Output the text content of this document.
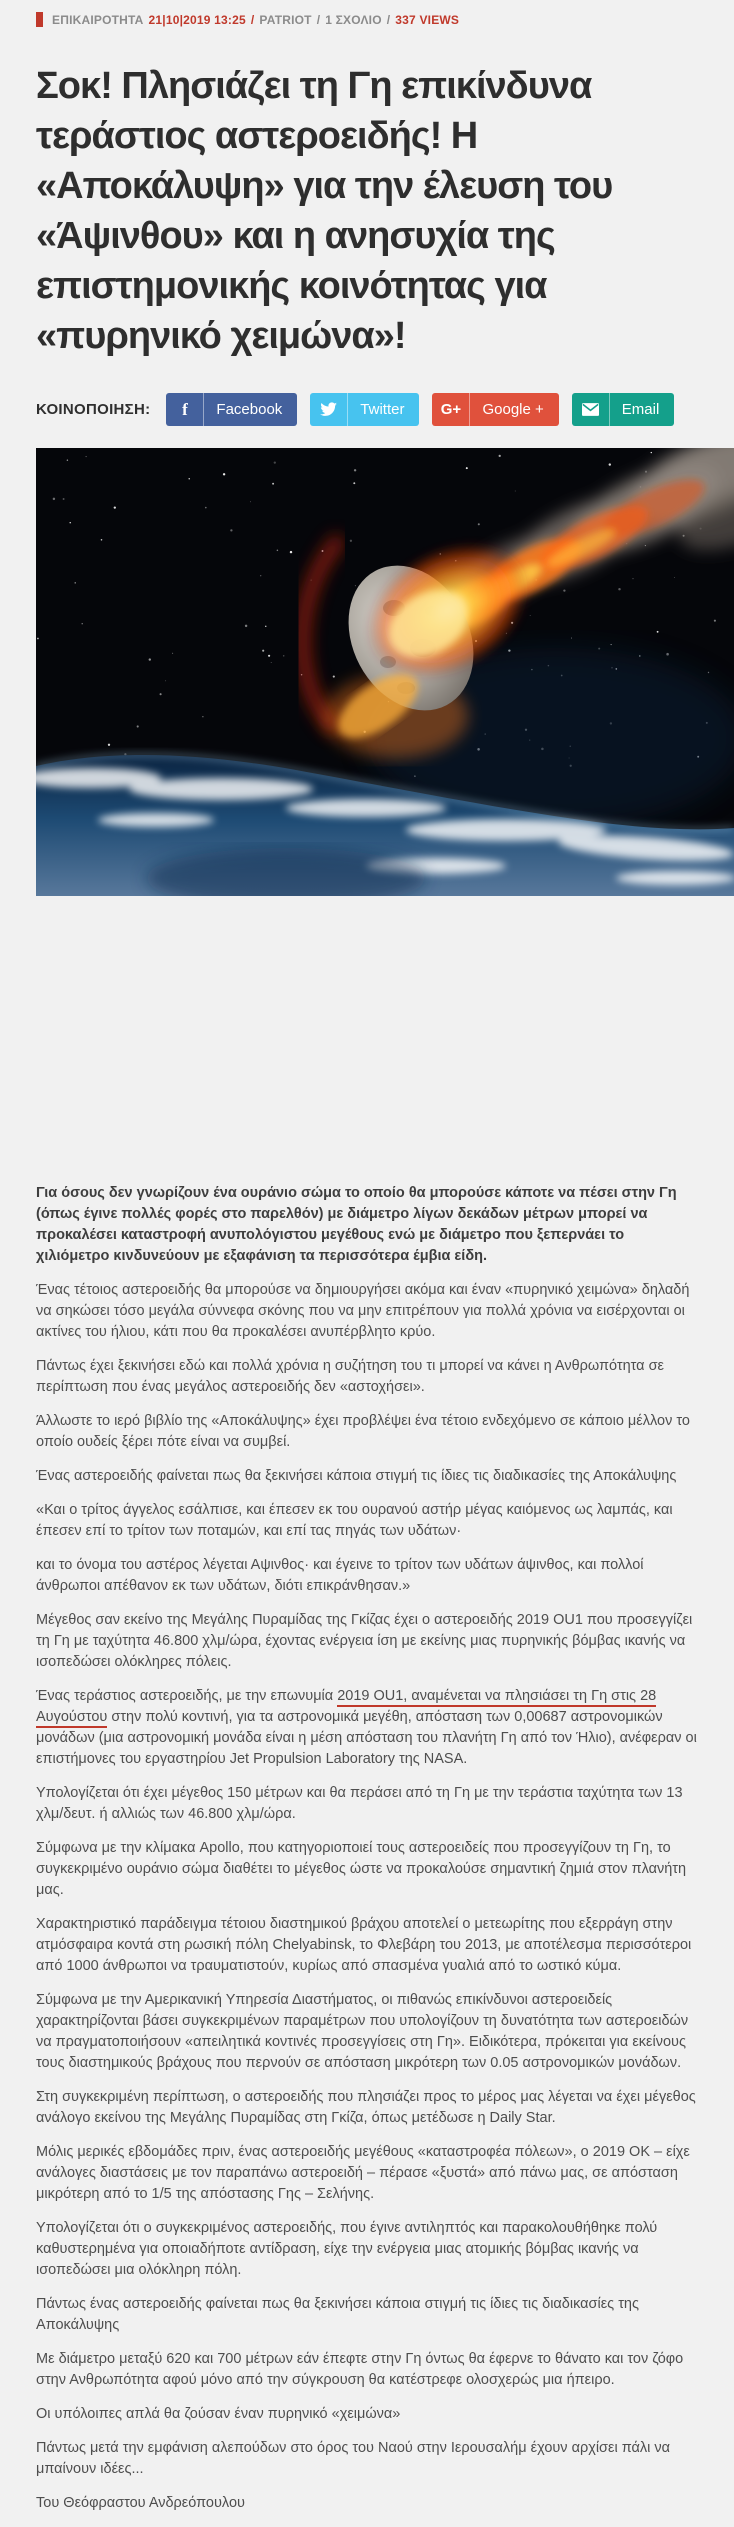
ΕΠΙΚΑΙΡΟΤΗΤΑ 21|10|2019 13:25 / PATRIOT / 1 ΣΧΟΛΙΟ / 337 VIEWS
Σοκ! Πλησιάζει τη Γη επικίνδυνα τεράστιος αστεροειδής! Η «Αποκάλυψη» για την έλευση του «Άψινθου» και η ανησυχία της επιστημονικής κοινότητας για «πυρηνικό χειμώνα»!
ΚΟΙΝΟΠΟΙΗΣΗ:	f	Facebook	Twitter	G+	Google +	Email

Για όσους δεν γνωρίζουν ένα ουράνιο σώμα το οποίο θα μπορούσε κάποτε να πέσει στην Γη (όπως έγινε πολλές φορές στο παρελθόν) με διάμετρο λίγων δεκάδων μέτρων μπορεί να προκαλέσει καταστροφή ανυπολόγιστου μεγέθους ενώ με διάμετρο που ξεπερνάει το χιλιόμετρο κινδυνεύουν με εξαφάνιση τα περισσότερα έμβια είδη.

Ένας τέτοιος αστεροειδής θα μπορούσε να δημιουργήσει ακόμα και έναν «πυρηνικό χειμώνα» δηλαδή να σηκώσει τόσο μεγάλα σύννεφα σκόνης που να μην επιτρέπουν για πολλά χρόνια να εισέρχονται οι ακτίνες του ήλιου, κάτι που θα προκαλέσει ανυπέρβλητο κρύο.

Πάντως έχει ξεκινήσει εδώ και πολλά χρόνια η συζήτηση του τι μπορεί να κάνει η Ανθρωπότητα σε περίπτωση που ένας μεγάλος αστεροειδής δεν «αστοχήσει».

Άλλωστε το ιερό βιβλίο της «Αποκάλυψης» έχει προβλέψει ένα τέτοιο ενδεχόμενο σε κάποιο μέλλον το οποίο ουδείς ξέρει πότε είναι να συμβεί.

Ένας αστεροειδής φαίνεται πως θα ξεκινήσει κάποια στιγμή τις ίδιες τις διαδικασίες της Αποκάλυψης

«Και ο τρίτος άγγελος εσάλπισε, και έπεσεν εκ του ουρανού αστήρ μέγας καιόμενος ως λαμπάς, και έπεσεν επί το τρίτον των ποταμών, και επί τας πηγάς των υδάτων·

και το όνομα του αστέρος λέγεται Αψινθος· και έγεινε το τρίτον των υδάτων άψινθος, και πολλοί άνθρωποι απέθανον εκ των υδάτων, διότι επικράνθησαν.»

Μέγεθος σαν εκείνο της Μεγάλης Πυραμίδας της Γκίζας έχει ο αστεροειδής 2019 OU1 που προσεγγίζει τη Γη με ταχύτητα 46.800 χλμ/ώρα, έχοντας ενέργεια ίση με εκείνης μιας πυρηνικής βόμβας ικανής να ισοπεδώσει ολόκληρες πόλεις.

Ένας τεράστιος αστεροειδής, με την επωνυμία 2019 OU1, αναμένεται να πλησιάσει τη Γη στις 28 Αυγούστου στην πολύ κοντινή, για τα αστρονομικά μεγέθη, απόσταση των 0,00687 αστρονομικών μονάδων (μια αστρονομική μονάδα είναι η μέση απόσταση του πλανήτη Γη από τον Ήλιο), ανέφεραν οι επιστήμονες του εργαστηρίου Jet Propulsion Laboratory της NASA.

Υπολογίζεται ότι έχει μέγεθος 150 μέτρων και θα περάσει από τη Γη με την τεράστια ταχύτητα των 13 χλμ/δευτ. ή αλλιώς των 46.800 χλμ/ώρα.

Σύμφωνα με την κλίμακα Apollo, που κατηγοριοποιεί τους αστεροειδείς που προσεγγίζουν τη Γη, το συγκεκριμένο ουράνιο σώμα διαθέτει το μέγεθος ώστε να προκαλούσε σημαντική ζημιά στον πλανήτη μας.

Χαρακτηριστικό παράδειγμα τέτοιου διαστημικού βράχου αποτελεί ο μετεωρίτης που εξερράγη στην ατμόσφαιρα κοντά στη ρωσική πόλη Chelyabinsk, το Φλεβάρη του 2013, με αποτέλεσμα περισσότεροι από 1000 άνθρωποι να τραυματιστούν, κυρίως από σπασμένα γυαλιά από το ωστικό κύμα.

Σύμφωνα με την Αμερικανική Υπηρεσία Διαστήματος, οι πιθανώς επικίνδυνοι αστεροειδείς χαρακτηρίζονται βάσει συγκεκριμένων παραμέτρων που υπολογίζουν τη δυνατότητα των αστεροειδών να πραγματοποιήσουν «απειλητικά κοντινές προσεγγίσεις στη Γη». Ειδικότερα, πρόκειται για εκείνους τους διαστημικούς βράχους που περνούν σε απόσταση μικρότερη των 0.05 αστρονομικών μονάδων.

Στη συγκεκριμένη περίπτωση, ο αστεροειδής που πλησιάζει προς το μέρος μας λέγεται να έχει μέγεθος ανάλογο εκείνου της Μεγάλης Πυραμίδας στη Γκίζα, όπως μετέδωσε η Daily Star.

Μόλις μερικές εβδομάδες πριν, ένας αστεροειδής μεγέθους «καταστροφέα πόλεων», ο 2019 OK – είχε ανάλογες διαστάσεις με τον παραπάνω αστεροειδή – πέρασε «ξυστά» από πάνω μας, σε απόσταση μικρότερη από το 1/5 της απόστασης Γης – Σελήνης.

Υπολογίζεται ότι ο συγκεκριμένος αστεροειδής, που έγινε αντιληπτός και παρακολουθήθηκε πολύ καθυστερημένα για οποιαδήποτε αντίδραση, είχε την ενέργεια μιας ατομικής βόμβας ικανής να ισοπεδώσει μια ολόκληρη πόλη.

Πάντως ένας αστεροειδής φαίνεται πως θα ξεκινήσει κάποια στιγμή τις ίδιες τις διαδικασίες της Αποκάλυψης

Με διάμετρο μεταξύ 620 και 700 μέτρων εάν έπεφτε στην Γη όντως θα έφερνε το θάνατο και τον ζόφο στην Ανθρωπότητα αφού μόνο από την σύγκρουση θα κατέστρεφε ολοσχερώς μια ήπειρο.

Οι υπόλοιπες απλά θα ζούσαν έναν πυρηνικό «χειμώνα»

Πάντως μετά την εμφάνιση αλεπούδων στο όρος του Ναού στην Ιερουσαλήμ έχουν αρχίσει πάλι να μπαίνουν ιδέες...

Του Θεόφραστου Ανδρεόπουλου
